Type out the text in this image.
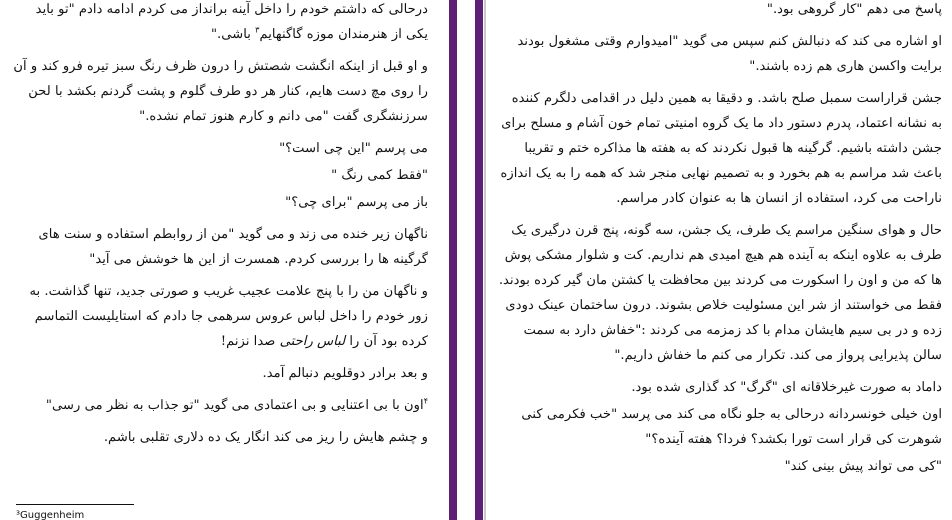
درحالی که داشتم خودم را داخل آینه برانداز می کردم ادامه دادم "تو باید یکی از هنرمندان موزه گاگنهایم$^۳$ باشی."

و او قبل از اینکه انگشت شصتش را درون ظرف رنگ سبز تیره فرو کند و آن را روی مچ دست هایم، کنار هر دو طرف گلوم و پشت گردنم بکشد با لحن سرزنشگری گفت "می دانم و کارم هنوز تمام نشده."

می پرسم "این چی است؟"

"فقط کمی رنگ "

باز می پرسم "برای چی؟"

ناگهان زیر خنده می زند و می گوید "من از روابطم استفاده و سنت های گرگینه ها را بررسی کردم. همسرت از این ها خوشش می آید"

و ناگهان من را با پنج علامت عجیب غریب و صورتی جدید، تنها گذاشت. به زور خودم را داخل لباس عروس سرهمی جا دادم که استایلیست التماسم کرده بود آن را لباس راحتی صدا نزنم!

و بعد برادر دوقلویم دنبالم آمد.

$^۴$اون با بی اعتنایی و بی اعتمادی می گوید "تو جذاب به نظر می رسی"

و چشم هایش را ریز می کند انگار یک ده دلاری تقلبی باشم.

³Guggenheim

پاسخ می دهم "کار گروهی بود."

او اشاره می کند که دنبالش کنم سپس می گوید "امیدوارم وقتی مشغول بودند برایت واکسن هاری هم زده باشند."

جشن قراراست سمبل صلح باشد. و دقیقا به همین دلیل در اقدامی دلگرم کننده به نشانه اعتماد، پدرم دستور داد ما یک گروه امنیتی تمام خون آشام و مسلح برای جشن داشته باشیم. گرگینه ها قبول نکردند که به هفته ها مذاکره ختم و تقریبا باعث شد مراسم به هم بخورد و به تصمیم نهایی منجر شد که همه را به یک اندازه ناراحت می کرد، استفاده از انسان ها به عنوان کادر مراسم.

حال و هوای سنگین مراسم یک طرف، یک جشن، سه گونه، پنج قرن درگیری یک طرف به علاوه اینکه به آینده هم هیچ امیدی هم نداریم. کت و شلوار مشکی پوش ها که من و اون را اسکورت می کردند بین محافظت یا کشتن مان گیر کرده بودند. فقط می خواستند از شر این مسئولیت خلاص بشوند. درون ساختمان عینک دودی زده و در بی سیم هایشان مدام با کد زمزمه می کردند :"خفاش دارد به سمت سالن پذیرایی پرواز می کند. تکرار می کنم ما خفاش داریم."

داماد به صورت غیرخلاقانه ای "گرگ" کد گذاری شده بود.

اون خیلی خونسردانه درحالی به جلو نگاه می کند می پرسد "خب فکرمی کنی شوهرت کی قرار است تورا بکشد؟ فردا؟ هفته آینده؟"

"کی می تواند پیش بینی کند"
